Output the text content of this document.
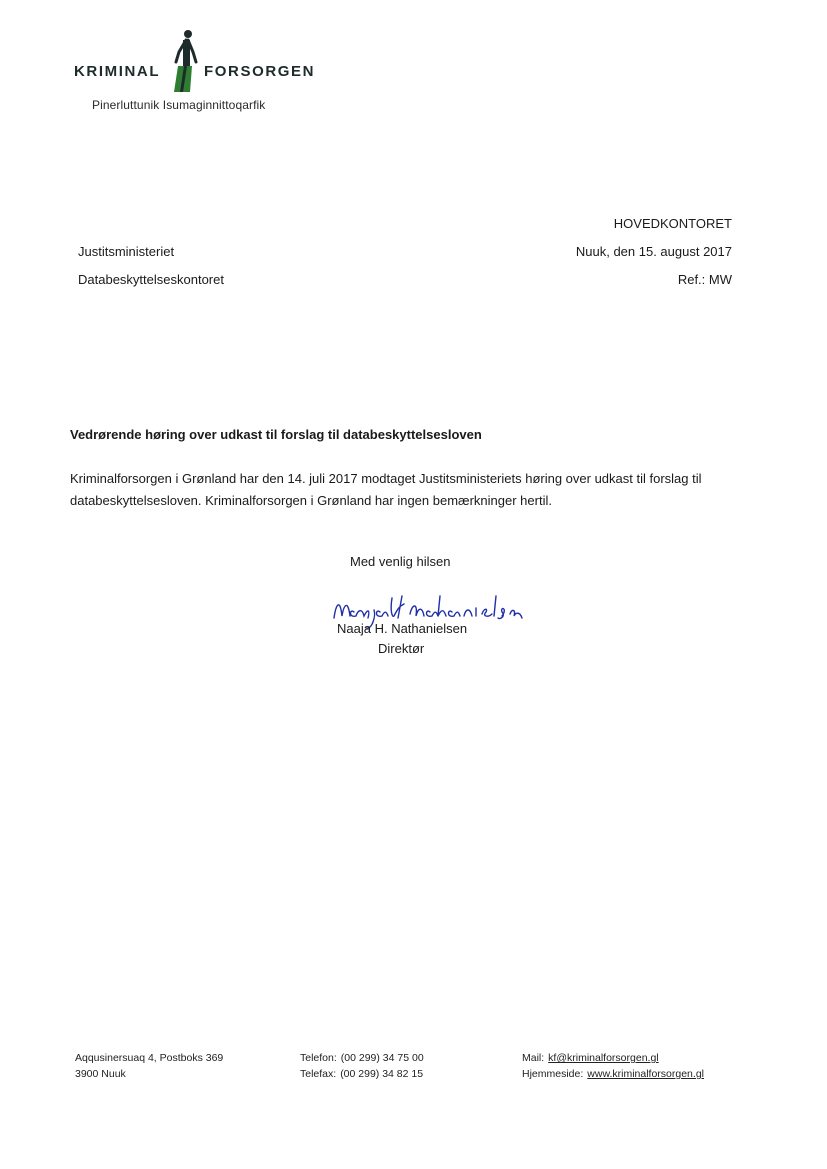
KRIMINAL	FORSORGEN
Pinerluttunik Isumaginnittoqarfik
Justitsministeriet
Databeskyttelseskontoret
HOVEDKONTORET
Nuuk, den 15. august 2017
Ref.: MW
Vedrørende høring over udkast til forslag til databeskyttelsesloven
Kriminalforsorgen i Grønland har den 14. juli 2017 modtaget Justitsministeriets høring over udkast til forslag til databeskyttelsesloven. Kriminalforsorgen i Grønland har ingen bemærkninger hertil.
Med venlig hilsen
Naaja H. Nathanielsen
Direktør
Aqqusinersuaq 4, Postboks 369
3900 Nuuk
Telefon: (00 299) 34 75 00
Telefax: (00 299) 34 82 15
Mail: kf@kriminalforsorgen.gl
Hjemmeside: www.kriminalforsorgen.gl
